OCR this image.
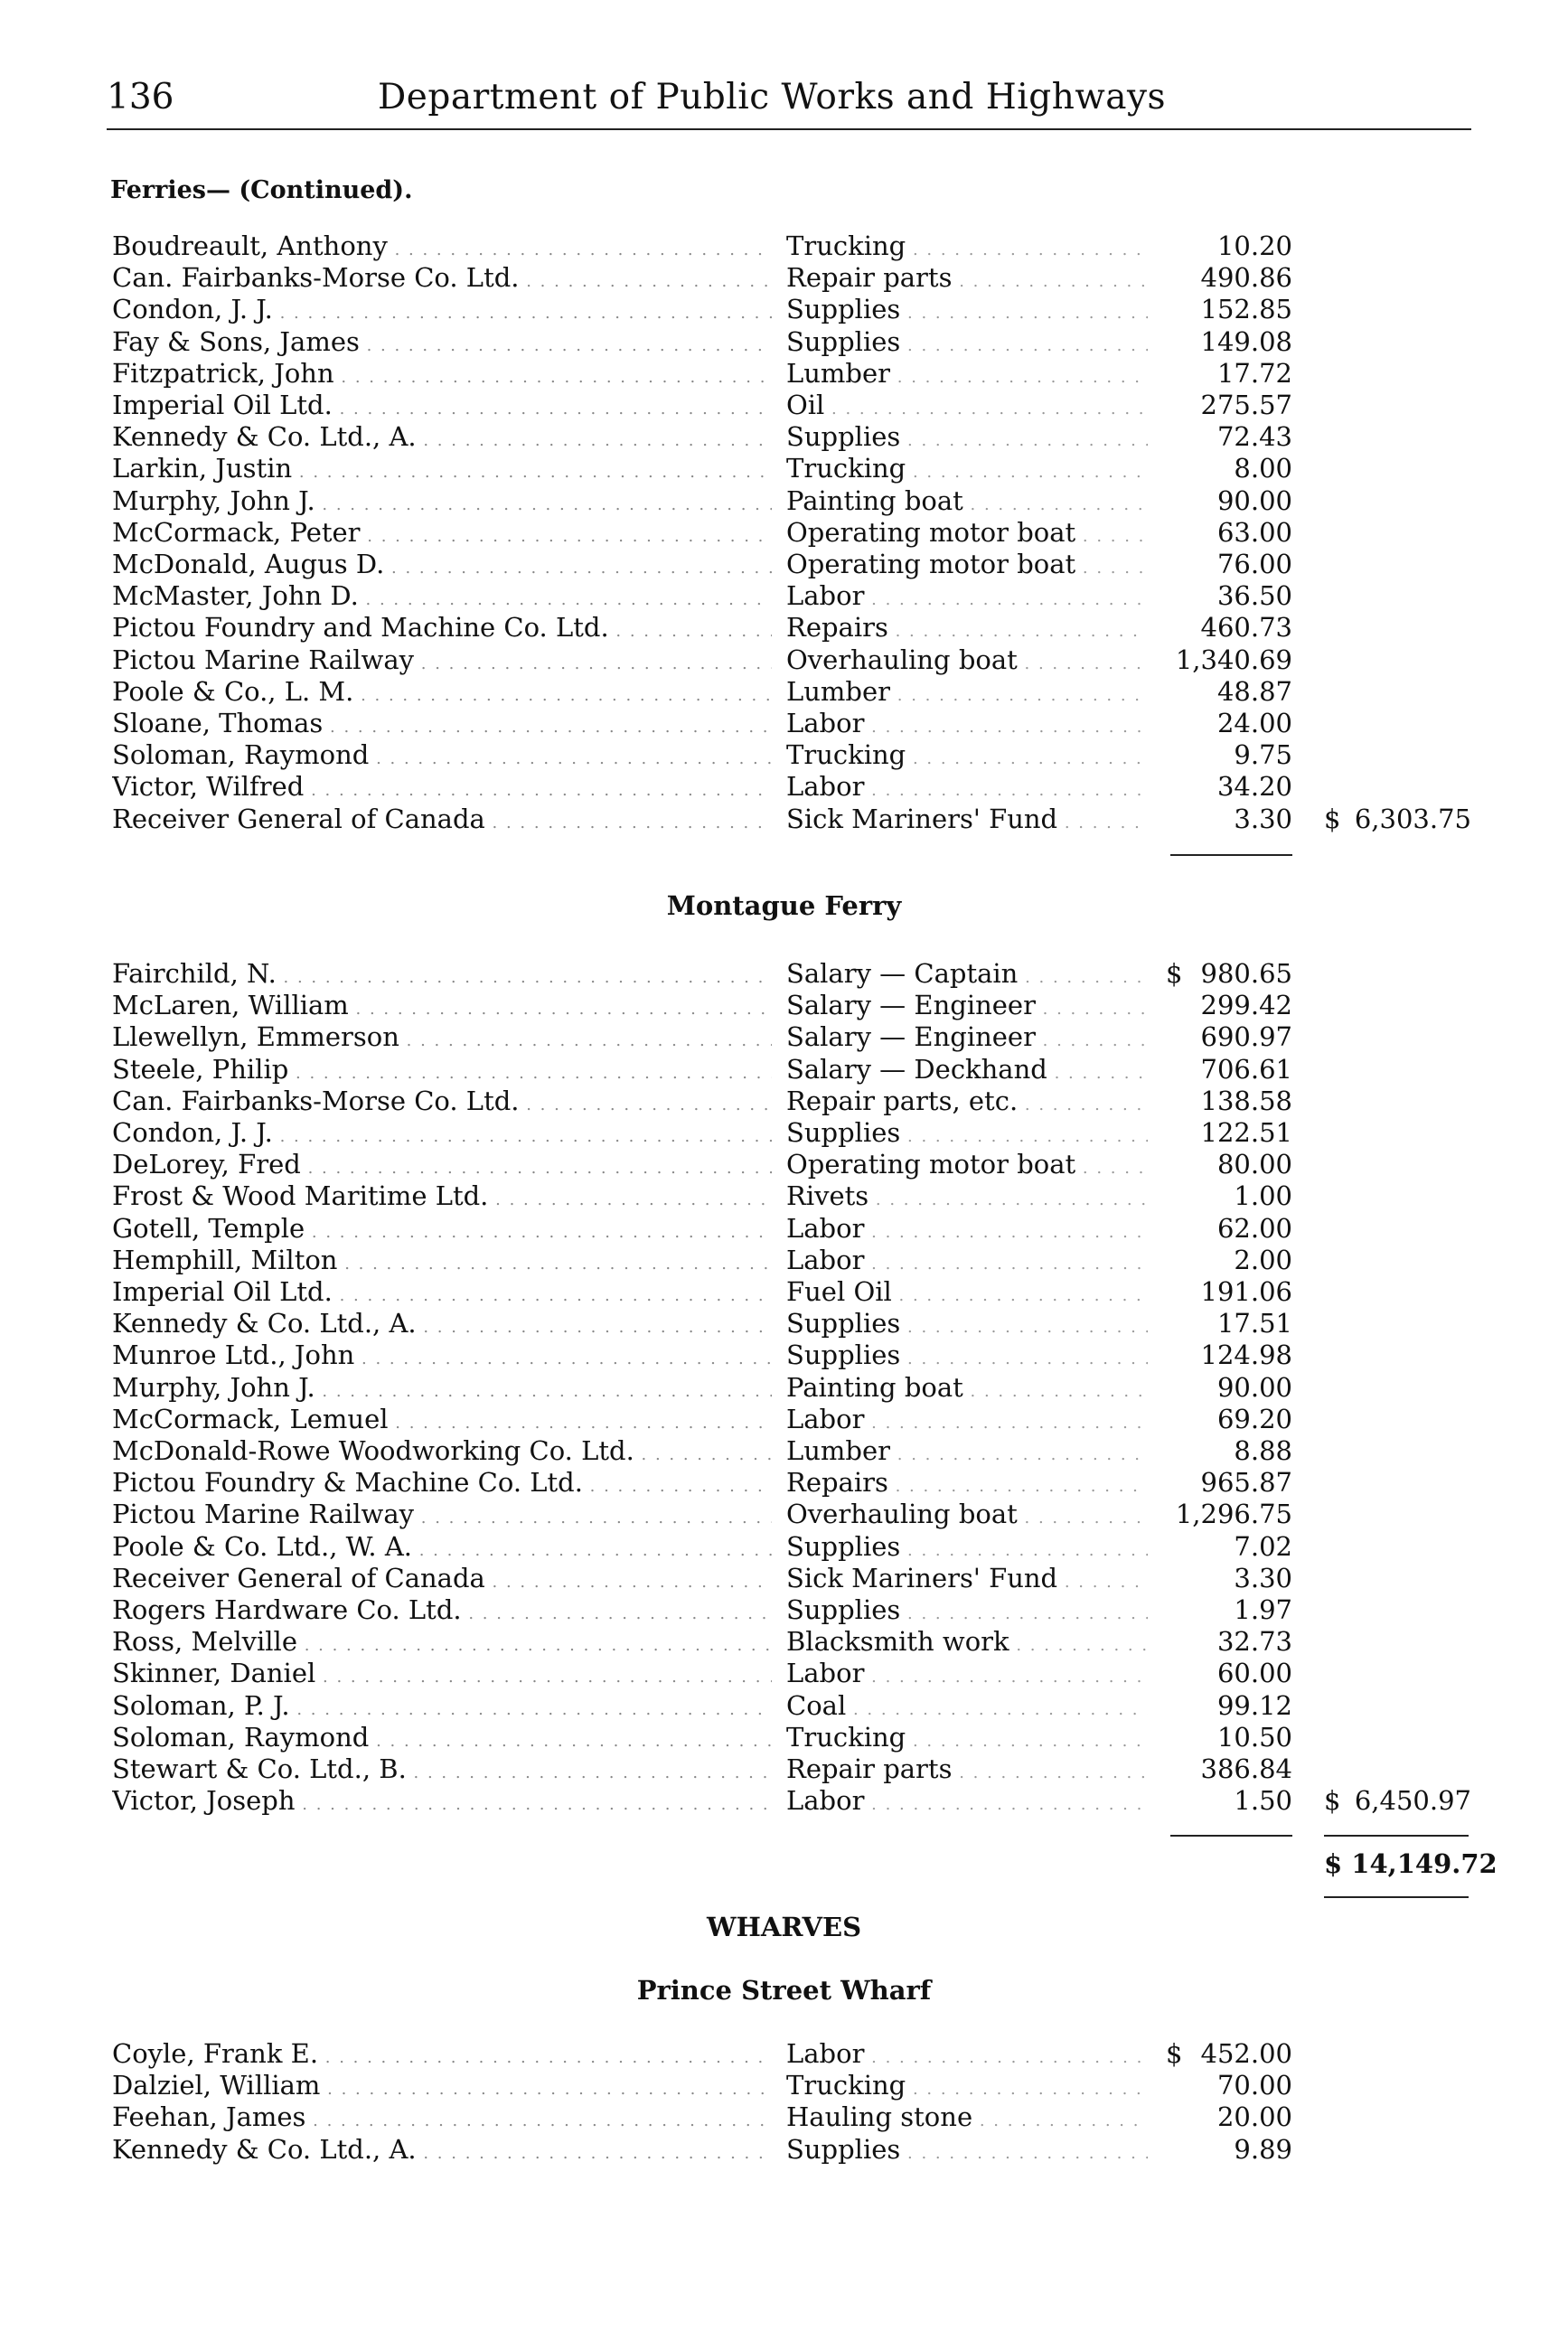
136	Department of Public Works and Highways
Ferries— (Continued).
Boudreault, Anthony . . .	Trucking . . .	10.20
Can. Fairbanks-Morse Co. Ltd. . . .	Repair parts . . .	490.86
Condon, J. J. . . .	Supplies . . .	152.85
Fay & Sons, James . . .	Supplies . . .	149.08
Fitzpatrick, John . . .	Lumber . . .	17.72
Imperial Oil Ltd. . . .	Oil . . .	275.57
Kennedy & Co. Ltd., A. . . .	Supplies . . .	72.43
Larkin, Justin . . .	Trucking . . .	8.00
Murphy, John J. . . .	Painting boat . . .	90.00
McCormack, Peter . . .	Operating motor boat . . .	63.00
McDonald, Augus D. . . .	Operating motor boat . . .	76.00
McMaster, John D. . . .	Labor . . .	36.50
Pictou Foundry and Machine Co. Ltd. . . .	Repairs . . .	460.73
Pictou Marine Railway . . .	Overhauling boat . . .	1,340.69
Poole & Co., L. M. . . .	Lumber . . .	48.87
Sloane, Thomas . . .	Labor . . .	24.00
Soloman, Raymond . . .	Trucking . . .	9.75
Victor, Wilfred . . .	Labor . . .	34.20
Receiver General of Canada . . .	Sick Mariners' Fund . . .	3.30 $ 6,303.75
Montague Ferry
Fairchild, N. . . .	Salary — Captain . . .	$ 980.65
McLaren, William . . .	Salary — Engineer . . .	299.42
Llewellyn, Emmerson . . .	Salary — Engineer . . .	690.97
Steele, Philip . . .	Salary — Deckhand . . .	706.61
Can. Fairbanks-Morse Co. Ltd. . . .	Repair parts, etc. . . .	138.58
Condon, J. J. . . .	Supplies . . .	122.51
DeLorey, Fred . . .	Operating motor boat . . .	80.00
Frost & Wood Maritime Ltd. . . .	Rivets . . .	1.00
Gotell, Temple . . .	Labor . . .	62.00
Hemphill, Milton . . .	Labor . . .	2.00
Imperial Oil Ltd. . . .	Fuel Oil . . .	191.06
Kennedy & Co. Ltd., A. . . .	Supplies . . .	17.51
Munroe Ltd., John . . .	Supplies . . .	124.98
Murphy, John J. . . .	Painting boat . . .	90.00
McCormack, Lemuel . . .	Labor . . .	69.20
McDonald-Rowe Woodworking Co. Ltd. . . .	Lumber . . .	8.88
Pictou Foundry & Machine Co. Ltd. . . .	Repairs . . .	965.87
Pictou Marine Railway . . .	Overhauling boat . . .	1,296.75
Poole & Co. Ltd., W. A. . . .	Supplies . . .	7.02
Receiver General of Canada . . .	Sick Mariners' Fund . . .	3.30
Rogers Hardware Co. Ltd. . . .	Supplies . . .	1.97
Ross, Melville . . .	Blacksmith work . . .	32.73
Skinner, Daniel . . .	Labor . . .	60.00
Soloman, P. J. . . .	Coal . . .	99.12
Soloman, Raymond . . .	Trucking . . .	10.50
Stewart & Co. Ltd., B. . . .	Repair parts . . .	386.84
Victor, Joseph . . .	Labor . . .	1.50 $ 6,450.97
$ 14,149.72
WHARVES
Prince Street Wharf
Coyle, Frank E. . . .	Labor . . .	$ 452.00
Dalziel, William . . .	Trucking . . .	70.00
Feehan, James . . .	Hauling stone . . .	20.00
Kennedy & Co. Ltd., A. . . .	Supplies . . .	9.89
